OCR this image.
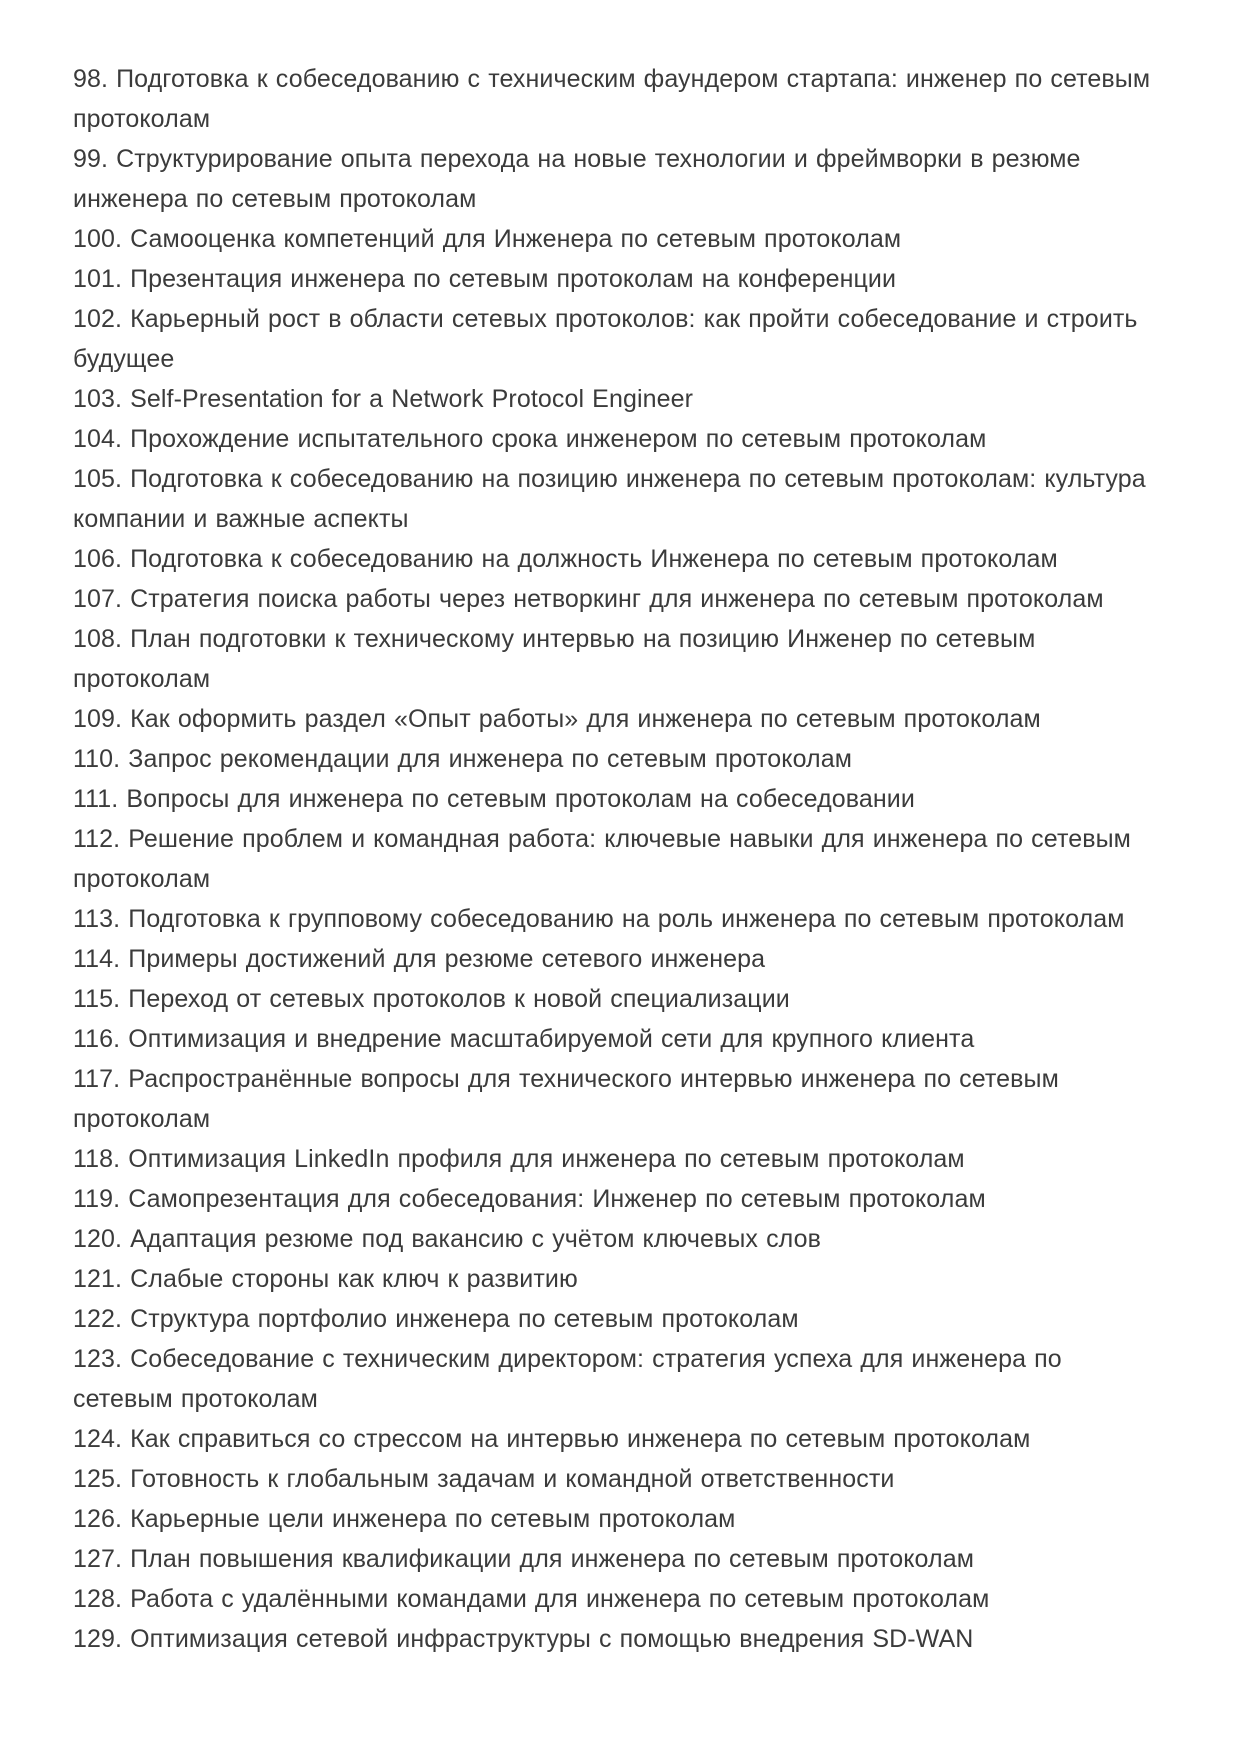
98. Подготовка к собеседованию с техническим фаундером стартапа: инженер по сетевым протоколам

99. Структурирование опыта перехода на новые технологии и фреймворки в резюме инженера по сетевым протоколам

100. Самооценка компетенций для Инженера по сетевым протоколам

101. Презентация инженера по сетевым протоколам на конференции

102. Карьерный рост в области сетевых протоколов: как пройти собеседование и строить будущее

103. Self-Presentation for a Network Protocol Engineer

104. Прохождение испытательного срока инженером по сетевым протоколам

105. Подготовка к собеседованию на позицию инженера по сетевым протоколам: культура компании и важные аспекты

106. Подготовка к собеседованию на должность Инженера по сетевым протоколам

107. Стратегия поиска работы через нетворкинг для инженера по сетевым протоколам

108. План подготовки к техническому интервью на позицию Инженер по сетевым протоколам

109. Как оформить раздел «Опыт работы» для инженера по сетевым протоколам

110. Запрос рекомендации для инженера по сетевым протоколам

111. Вопросы для инженера по сетевым протоколам на собеседовании

112. Решение проблем и командная работа: ключевые навыки для инженера по сетевым протоколам

113. Подготовка к групповому собеседованию на роль инженера по сетевым протоколам

114. Примеры достижений для резюме сетевого инженера

115. Переход от сетевых протоколов к новой специализации

116. Оптимизация и внедрение масштабируемой сети для крупного клиента

117. Распространённые вопросы для технического интервью инженера по сетевым протоколам

118. Оптимизация LinkedIn профиля для инженера по сетевым протоколам

119. Самопрезентация для собеседования: Инженер по сетевым протоколам

120. Адаптация резюме под вакансию с учётом ключевых слов

121. Слабые стороны как ключ к развитию

122. Структура портфолио инженера по сетевым протоколам

123. Собеседование с техническим директором: стратегия успеха для инженера по сетевым протоколам

124. Как справиться со стрессом на интервью инженера по сетевым протоколам

125. Готовность к глобальным задачам и командной ответственности

126. Карьерные цели инженера по сетевым протоколам

127. План повышения квалификации для инженера по сетевым протоколам

128. Работа с удалёнными командами для инженера по сетевым протоколам

129. Оптимизация сетевой инфраструктуры с помощью внедрения SD-WAN
